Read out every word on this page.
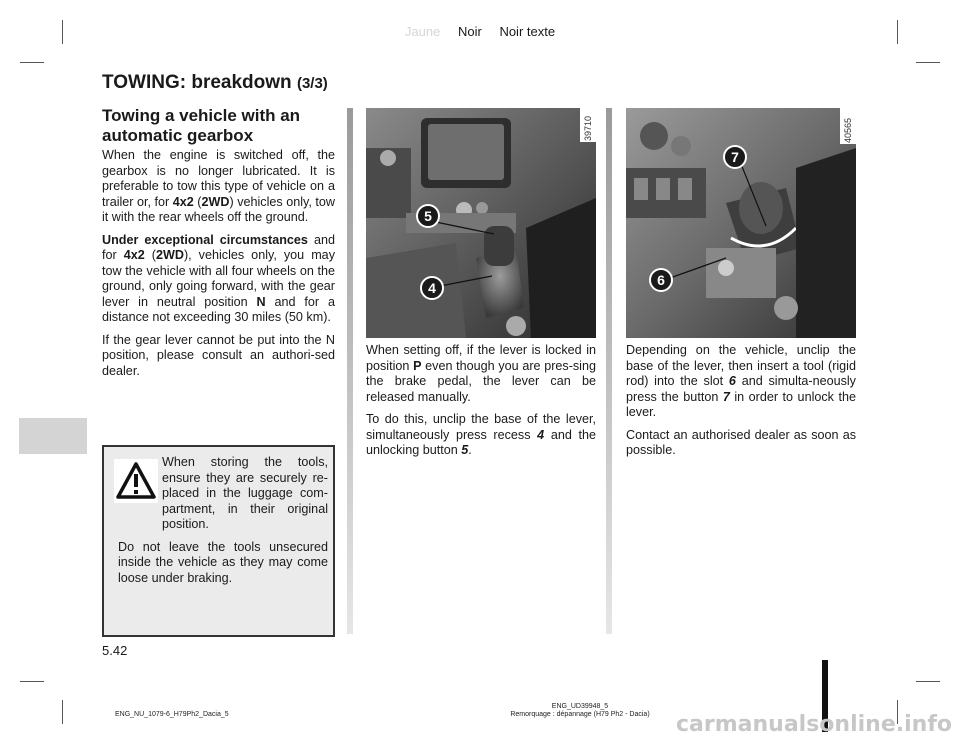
Jaune Noir Noir texte
TOWING: breakdown (3/3)
Towing a vehicle with an automatic gearbox

When the engine is switched off, the gearbox is no longer lubricated. It is preferable to tow this type of vehicle on a trailer or, for 4x2 (2WD) vehicles only, tow it with the rear wheels off the ground.

Under exceptional circumstances and for 4x2 (2WD), vehicles only, you may tow the vehicle with all four wheels on the ground, only going forward, with the gear lever in neutral position N and for a distance not exceeding 30 miles (50 km).

If the gear lever cannot be put into the N position, please consult an authori-sed dealer.

When storing the tools, ensure they are securely re-placed in the luggage com-partment, in their original position.

Do not leave the tools unsecured inside the vehicle as they may come loose under braking.

5
4
39710
7
6
40565

When setting off, if the lever is locked in position P even though you are pres-sing the brake pedal, the lever can be released manually.

To do this, unclip the base of the lever, simultaneously press recess 4 and the unlocking button 5.

Depending on the vehicle, unclip the base of the lever, then insert a tool (rigid rod) into the slot 6 and simulta-neously press the button 7 in order to unlock the lever.

Contact an authorised dealer as soon as possible.

5.42
ENG_NU_1079-6_H79Ph2_Dacia_5
ENG_UD39948_5
Remorquage : dépannage (H79 Ph2 - Dacia)	carmanualsonline.info
